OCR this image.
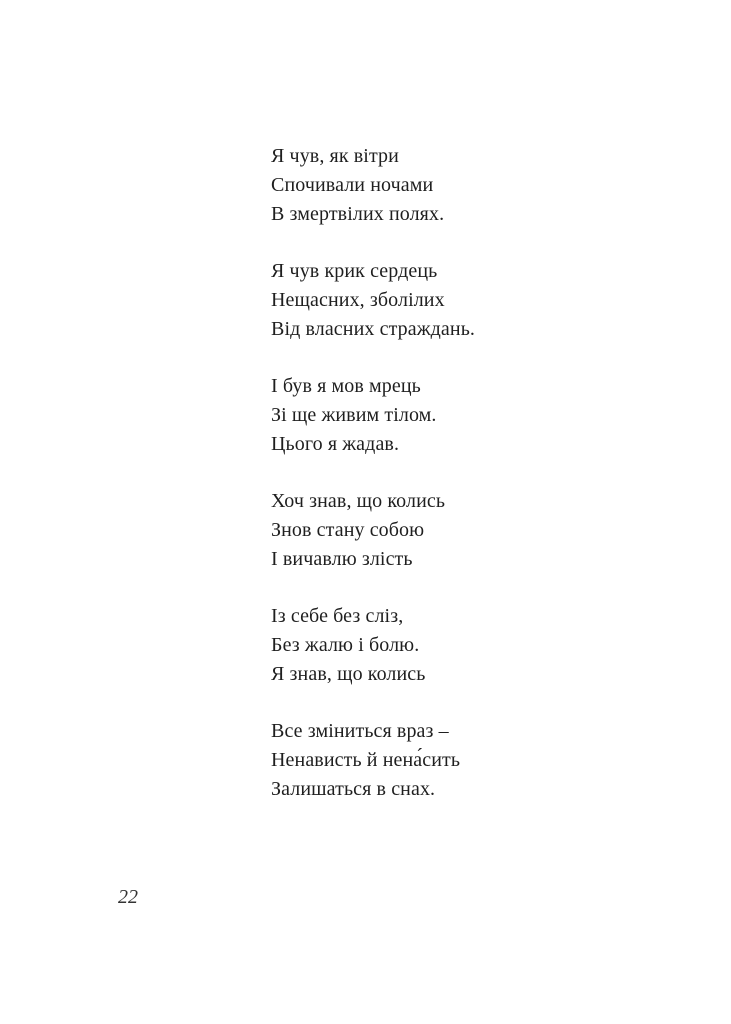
Я чув, як вітри
Спочивали ночами
В змертвілих полях.
Я чув крик сердець
Нещасних, зболілих
Від власних страждань.
І був я мов мрець
Зі ще живим тілом.
Цього я жадав.
Хоч знав, що колись
Знов стану собою
І вичавлю злість
Із себе без сліз,
Без жалю і болю.
Я знав, що колись
Все зміниться враз –
Ненависть й нена́сить
Залишаться в снах.
22
